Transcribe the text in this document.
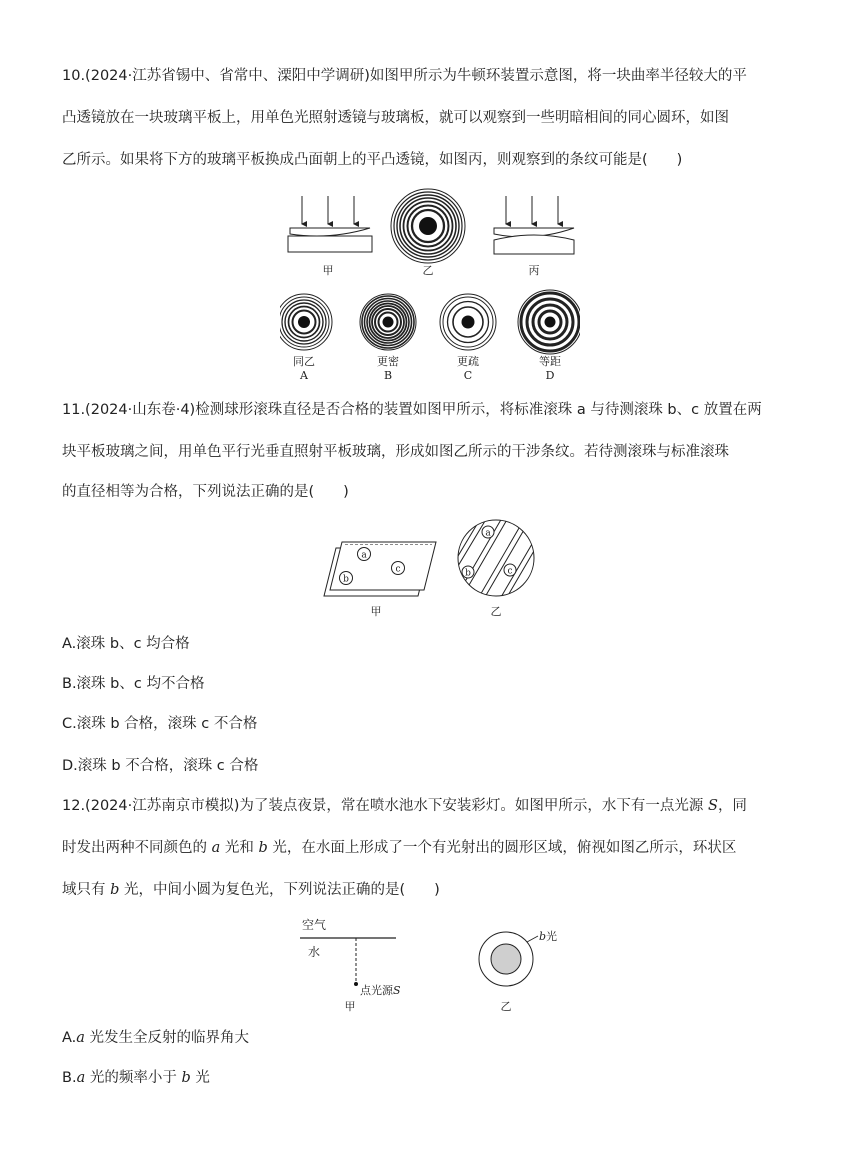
10.(2024·江苏省锡中、省常中、溧阳中学调研)如图甲所示为牛顿环装置示意图，将一块曲率半径较大的平
凸透镜放在一块玻璃平板上，用单色光照射透镜与玻璃板，就可以观察到一些明暗相间的同心圆环，如图
乙所示。如果将下方的玻璃平板换成凸面朝上的平凸透镜，如图丙，则观察到的条纹可能是(　　)
甲	乙	丙
同乙
A
更密
B
更疏
C
等距
D
11.(2024·山东卷·4)检测球形滚珠直径是否合格的装置如图甲所示，将标准滚珠 a 与待测滚珠 b、c 放置在两
块平板玻璃之间，用单色平行光垂直照射平板玻璃，形成如图乙所示的干涉条纹。若待测滚珠与标准滚珠
的直径相等为合格，下列说法正确的是(　　)
a
b
c
甲
a
b	c
乙
A.滚珠 b、c 均合格
B.滚珠 b、c 均不合格
C.滚珠 b 合格，滚珠 c 不合格
D.滚珠 b 不合格，滚珠 c 合格
12.(2024·江苏南京市模拟)为了装点夜景，常在喷水池水下安装彩灯。如图甲所示，水下有一点光源 S，同
时发出两种不同颜色的 a 光和 b 光，在水面上形成了一个有光射出的圆形区域，俯视如图乙所示，环状区
域只有 b 光，中间小圆为复色光，下列说法正确的是(　　)
空气
水
点光源S
甲
b光
乙
A.a 光发生全反射的临界角大
B.a 光的频率小于 b 光
